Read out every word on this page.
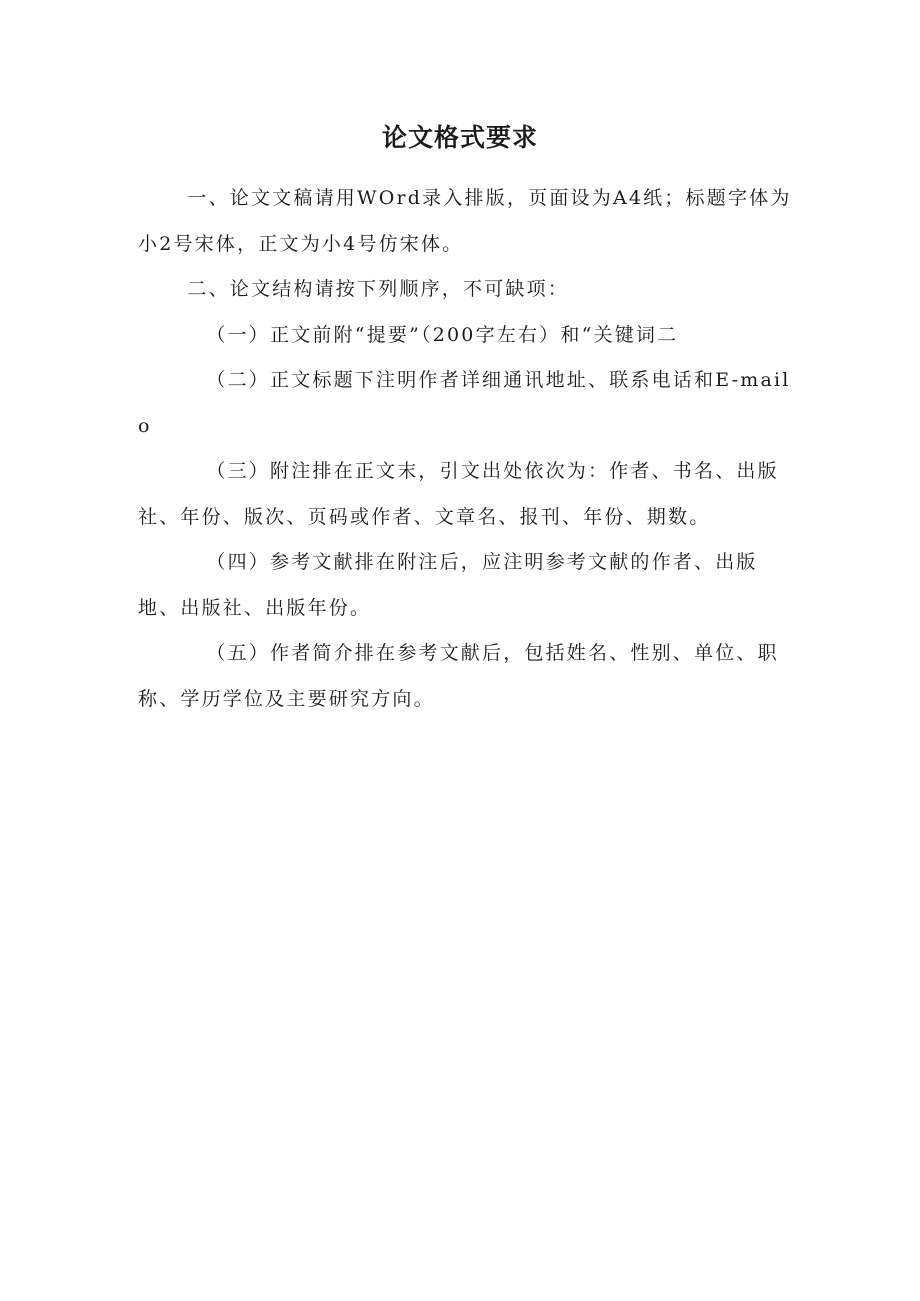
论文格式要求

一、论文文稿请用WOrd录入排版，页面设为A4纸；标题字体为小2号宋体，正文为小4号仿宋体。

二、论文结构请按下列顺序，不可缺项：

（一）正文前附“提要”（200字左右）和“关键词二

（二）正文标题下注明作者详细通讯地址、联系电话和E-mailo

（三）附注排在正文末，引文出处依次为：作者、书名、出版社、年份、版次、页码或作者、文章名、报刊、年份、期数。

（四）参考文献排在附注后，应注明参考文献的作者、出版地、出版社、出版年份。

（五）作者简介排在参考文献后，包括姓名、性别、单位、职称、学历学位及主要研究方向。
